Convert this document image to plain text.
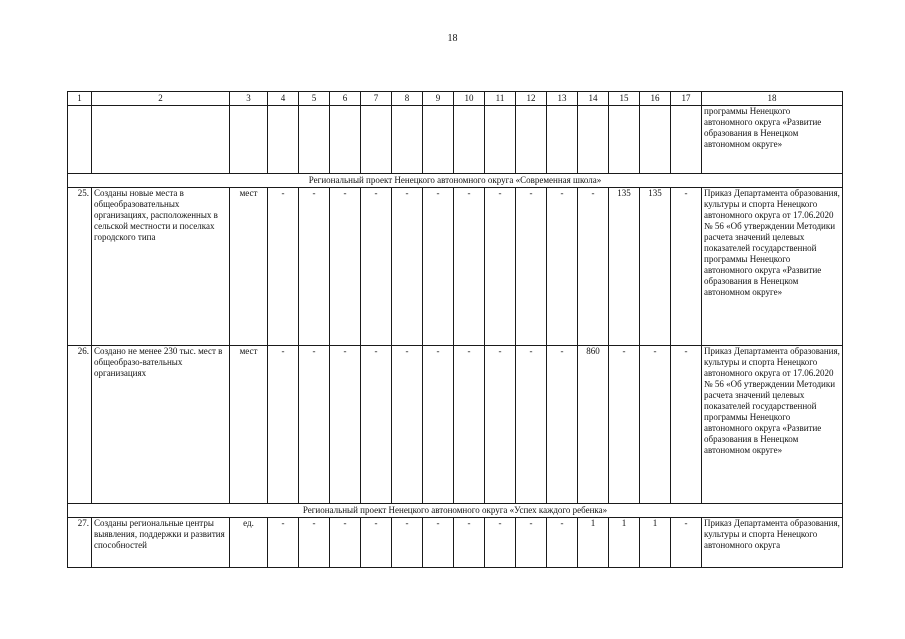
18
1	2	3	4	5	6	7	8	9	10	11	12	13	14	15	16	17	18
																	программы Ненецкого автономного округа «Развитие образования в Ненецком автономном округе»
Региональный проект Ненецкого автономного округа «Современная школа»																	
25.	Созданы новые места в общеобразовательных организациях, расположенных в сельской местности и поселках городского типа	мест	-	-	-	-	-	-	-	-	-	-	-	135	135	-	Приказ Департамента образования, культуры и спорта Ненецкого автономного округа от 17.06.2020 № 56 «Об утверждении Методики расчета значений целевых показателей государственной программы Ненецкого автономного округа «Развитие образования в Ненецком автономном округе»
26.	Создано не менее 230 тыс. мест в общеобразо-вательных организациях	мест	-	-	-	-	-	-	-	-	-	-	860	-	-	-	Приказ Департамента образования, культуры и спорта Ненецкого автономного округа от 17.06.2020 № 56 «Об утверждении Методики расчета значений целевых показателей государственной программы Ненецкого автономного округа «Развитие образования в Ненецком автономном округе»
Региональный проект Ненецкого автономного округа «Успех каждого ребенка»																	
27.	Созданы региональные центры выявления, поддержки и развития способностей	ед.	-	-	-	-	-	-	-	-	-	-	1	1	1	-	Приказ Департамента образования, культуры и спорта Ненецкого автономного округа
